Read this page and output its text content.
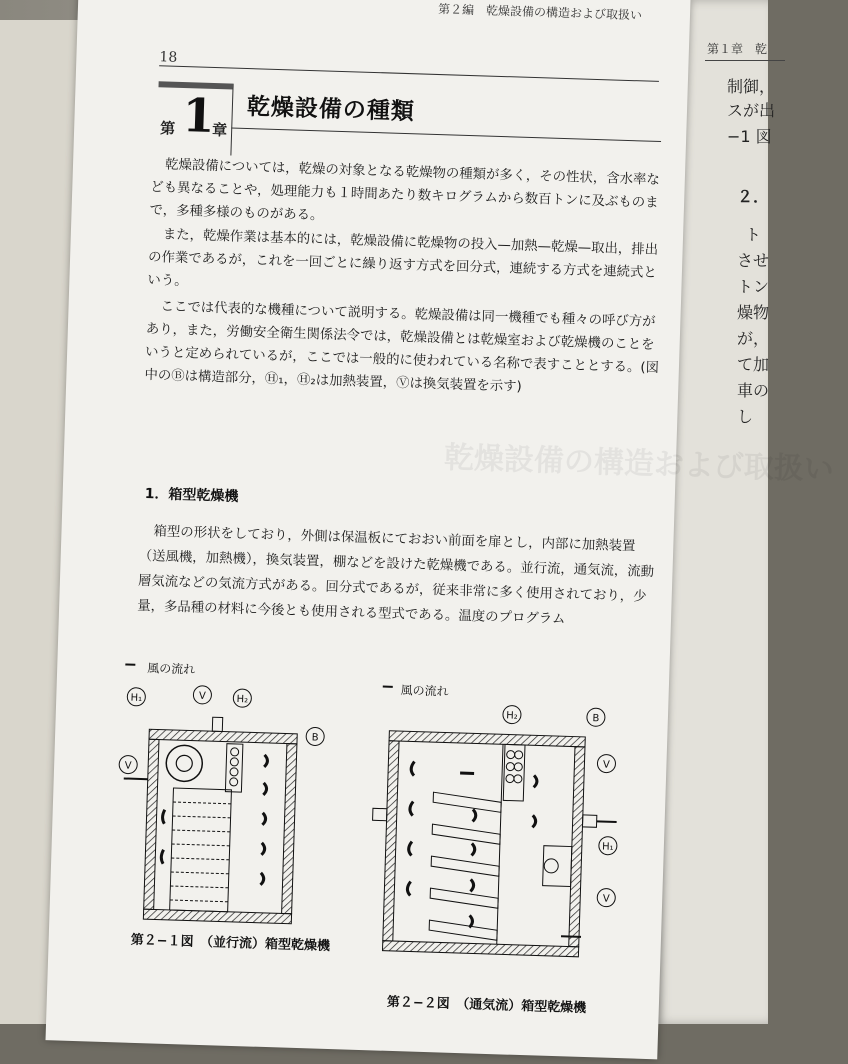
第１章　乾
制御，
スが出
−1 図
２．
ト
させ
トン
燥物
が，
て加
車の
し
第２編　乾燥設備の構造および取扱い
18
第 1
章
乾燥設備の種類
乾燥設備の構造および取扱い

乾燥設備については，乾燥の対象となる乾燥物の種類が多く，その性状，含水率なども異なることや，処理能力も１時間あたり数キログラムから数百トンに及ぶものまで，多種多様のものがある。

また，乾燥作業は基本的には，乾燥設備に乾燥物の投入—加熱—乾燥—取出，排出の作業であるが，これを一回ごとに繰り返す方式を回分式，連続する方式を連続式という。

ここでは代表的な機種について説明する。乾燥設備は同一機種でも種々の呼び方があり，また，労働安全衛生関係法令では，乾燥設備とは乾燥室および乾燥機のことをいうと定められているが，ここでは一般的に使われている名称で表すこととする。(図中のⒷは構造部分，Ⓗ₁，Ⓗ₂は加熱装置，Ⓥは換気装置を示す)

1．箱型乾燥機

箱型の形状をしており，外側は保温板にておおい前面を扉とし，内部に加熱装置（送風機，加熱機），換気装置，棚などを設けた乾燥機である。並行流，通気流，流動層気流などの気流方式がある。回分式であるが，従来非常に多く使用されており，少量，多品種の材料に今後とも使用される型式である。温度のプログラム

H₁	V	H₂
B
V
風の流れ
第２−１図　（並行流）箱型乾燥機
H₂	B
V
H₁
V
風の流れ
第２−２図　（通気流）箱型乾燥機
